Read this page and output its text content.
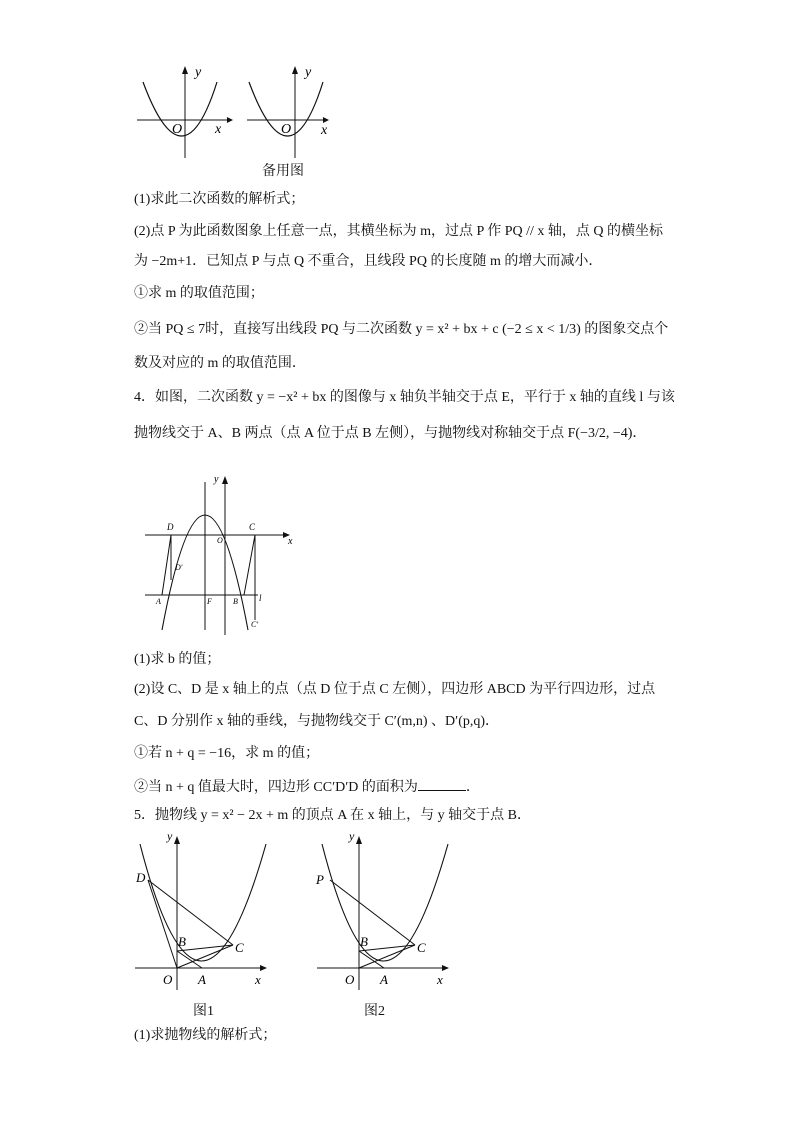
y
x
O
y
x
O
备用图
(1)求此二次函数的解析式；
(2)点 P 为此函数图象上任意一点，其横坐标为 m，过点 P 作 PQ // x 轴，点 Q 的横坐标
为 −2m+1．已知点 P 与点 Q 不重合，且线段 PQ 的长度随 m 的增大而减小．
①求 m 的取值范围；
②当 PQ ≤ 7时，直接写出线段 PQ 与二次函数 y = x² + bx + c (−2 ≤ x < 1/3) 的图象交点个
数及对应的 m 的取值范围．
4．如图，二次函数 y = −x² + bx 的图像与 x 轴负半轴交于点 E，平行于 x 轴的直线 l 与该
抛物线交于 A、B 两点（点 A 位于点 B 左侧），与抛物线对称轴交于点 F(−3/2, −4)．
D	C
O	x
y
D′
A	F	B l
C′
(1)求 b 的值；
(2)设 C、D 是 x 轴上的点（点 D 位于点 C 左侧），四边形 ABCD 为平行四边形，过点
C、D 分别作 x 轴的垂线，与抛物线交于 C′(m,n) 、D′(p,q)．
①若 n + q = −16，求 m 的值；
②当 n + q 值最大时，四边形 CC′D′D 的面积为	．
5．抛物线 y = x² − 2x + m 的顶点 A 在 x 轴上，与 y 轴交于点 B．
y
D
B	C
O A	x
图1
y
P
B	C
O A	x
图2
(1)求抛物线的解析式；
